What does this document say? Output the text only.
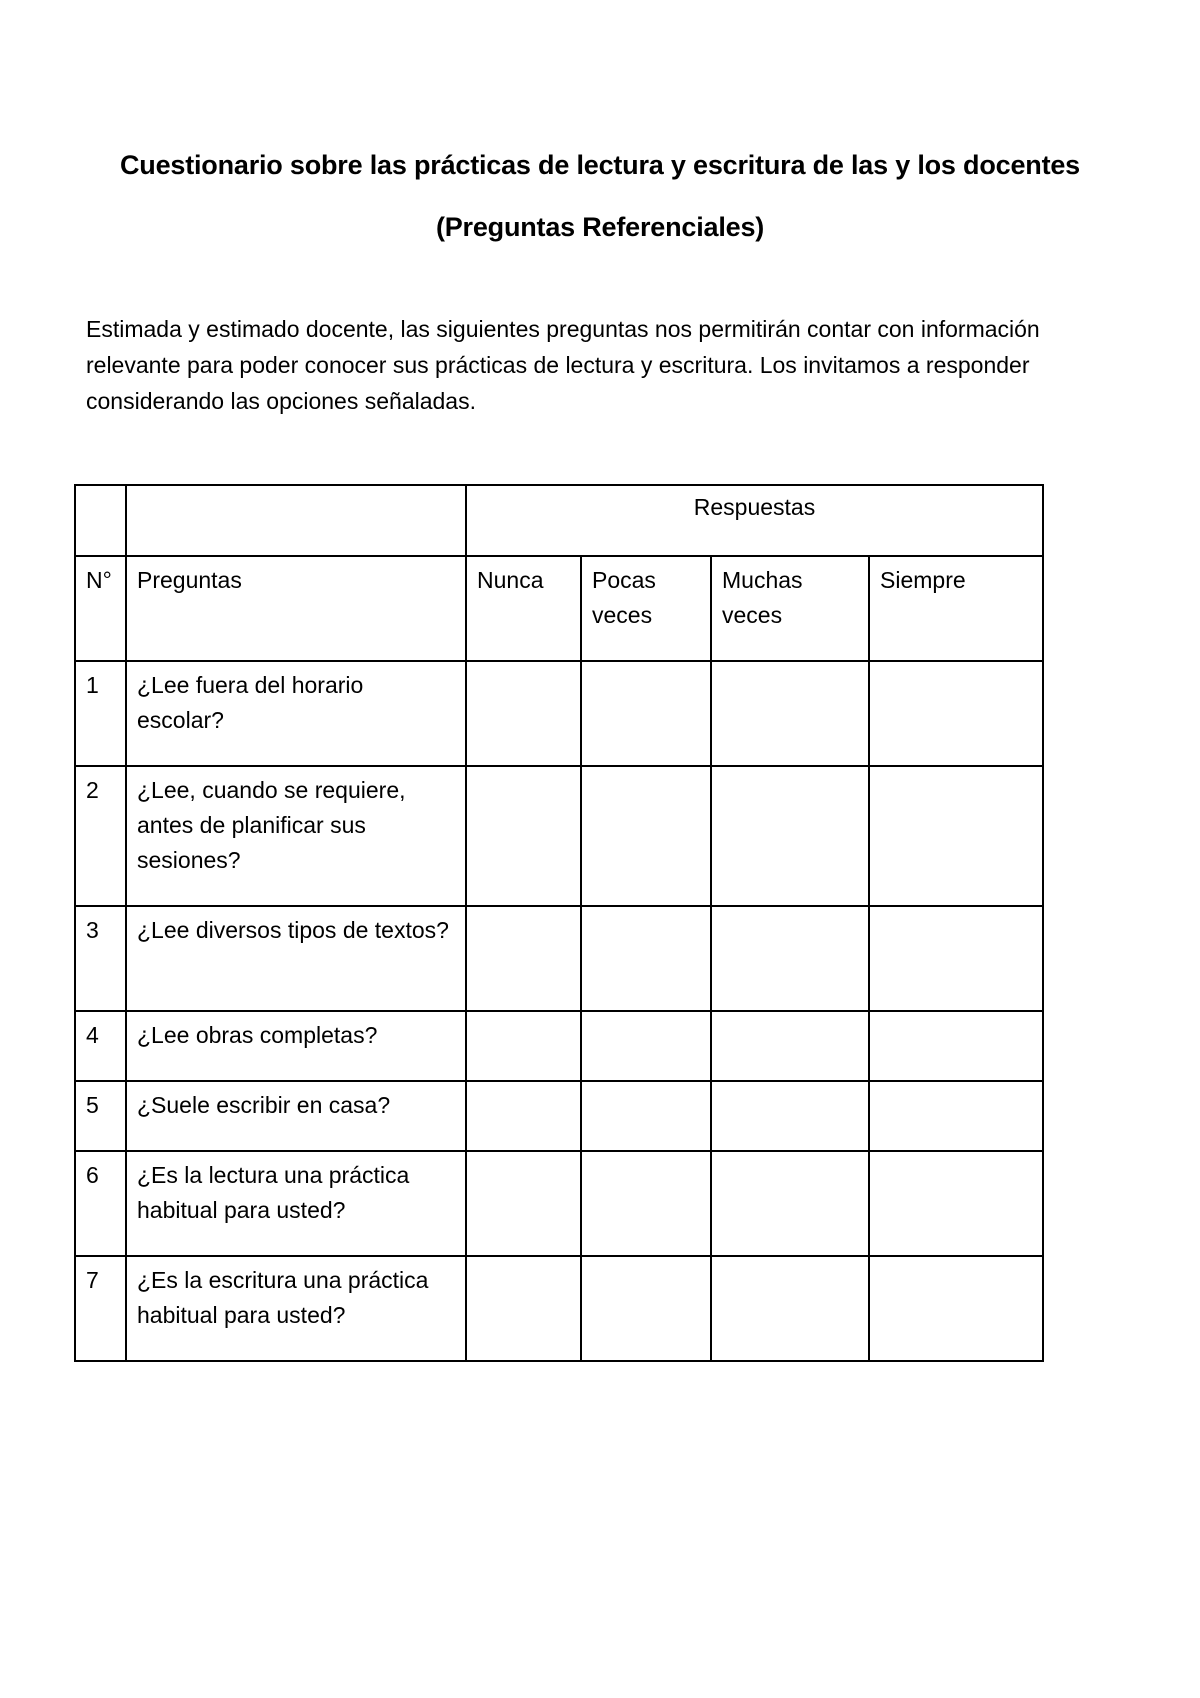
Cuestionario sobre las prácticas de lectura y escritura de las y los docentes
(Preguntas Referenciales)
Estimada y estimado docente, las siguientes preguntas nos permitirán contar con información relevante para poder conocer sus prácticas de lectura y escritura. Los invitamos a responder considerando las opciones señaladas.
		Respuestas			
N°	Preguntas	Nunca	Pocas veces	Muchas veces	Siempre
1	¿Lee fuera del horario escolar?				
2	¿Lee, cuando se requiere, antes de planificar sus sesiones?				
3	¿Lee diversos tipos de textos?				
4	¿Lee obras completas?				
5	¿Suele escribir en casa?				
6	¿Es la lectura una práctica habitual para usted?				
7	¿Es la escritura una práctica habitual para usted?				
